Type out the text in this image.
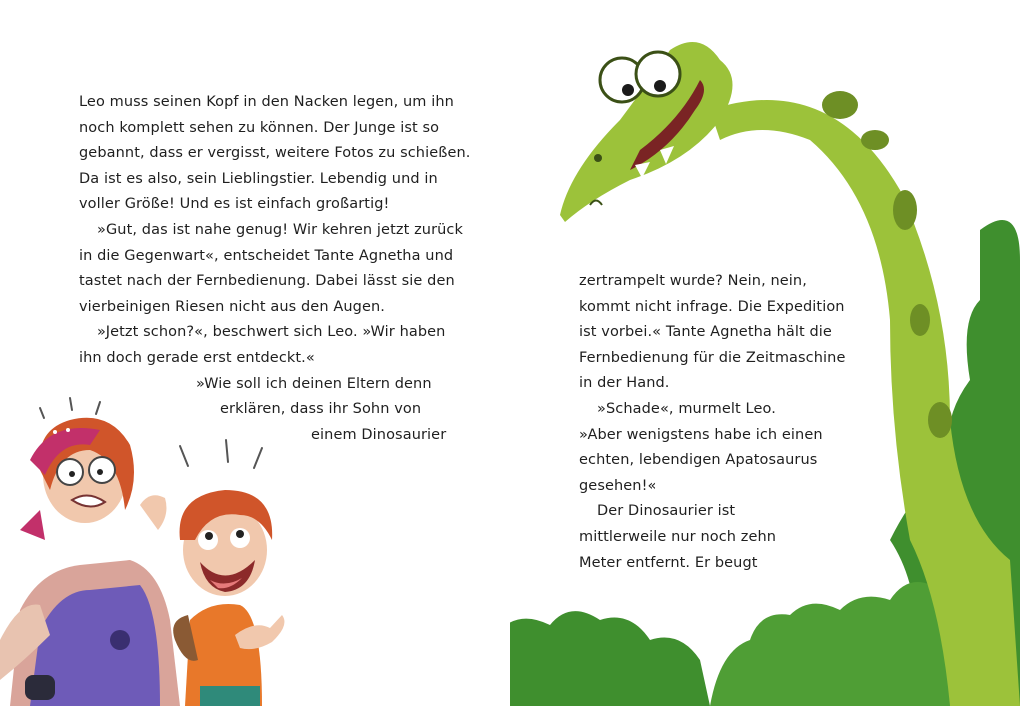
Leo muss seinen Kopf in den Nacken legen, um ihn
noch komplett sehen zu können. Der Junge ist so
gebannt, dass er vergisst, weitere Fotos zu schießen.
Da ist es also, sein Lieblingstier. Lebendig und in
voller Größe! Und es ist einfach großartig!
»Gut, das ist nahe genug! Wir kehren jetzt zurück
in die Gegenwart«, entscheidet Tante Agnetha und
tastet nach der Fernbedienung. Dabei lässt sie den
vierbeinigen Riesen nicht aus den Augen.
»Jetzt schon?«, beschwert sich Leo. »Wir haben
ihn doch gerade erst entdeckt.«
»Wie soll ich deinen Eltern denn
erklären, dass ihr Sohn von
einem Dinosaurier
zertrampelt wurde? Nein, nein,
kommt nicht infrage. Die Expedition
ist vorbei.« Tante Agnetha hält die
Fernbedienung für die Zeitmaschine
in der Hand.
»Schade«, murmelt Leo.
»Aber wenigstens habe ich einen
echten, lebendigen Apatosaurus
gesehen!«
Der Dinosaurier ist
mittlerweile nur noch zehn
Meter entfernt. Er beugt
